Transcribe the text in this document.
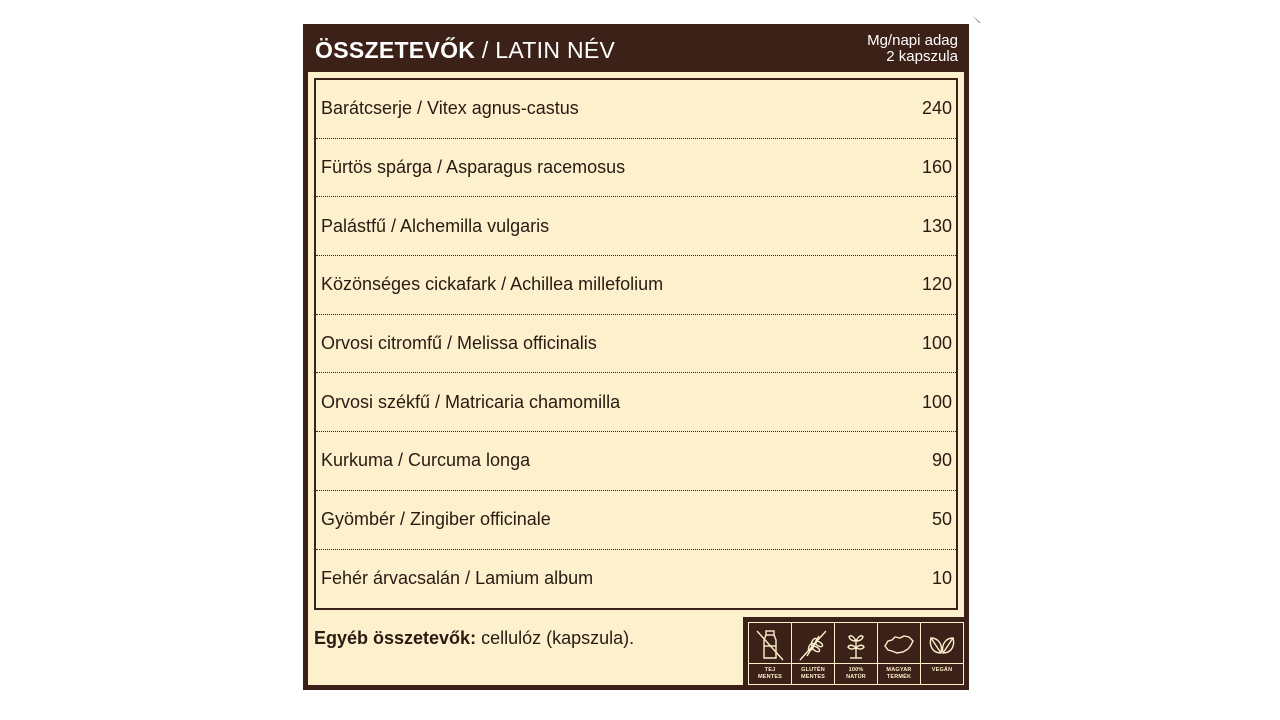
ÖSSZETEVŐK / LATIN NÉV	Mg/napi adag
2 kapszula
Barátcserje / Vitex agnus-castus	240
Fürtös spárga / Asparagus racemosus	160
Palástfű / Alchemilla vulgaris	130
Közönséges cickafark / Achillea millefolium	120
Orvosi citromfű / Melissa officinalis	100
Orvosi székfű / Matricaria chamomilla	100
Kurkuma / Curcuma longa	90
Gyömbér / Zingiber officinale	50
Fehér árvacsalán / Lamium album	10
Egyéb összetevők: cellulóz (kapszula).
TEJ
MENTES
GLUTÉN
MENTES
100%
NATÚR
MAGYAR
TERMÉK
VEGÁN
